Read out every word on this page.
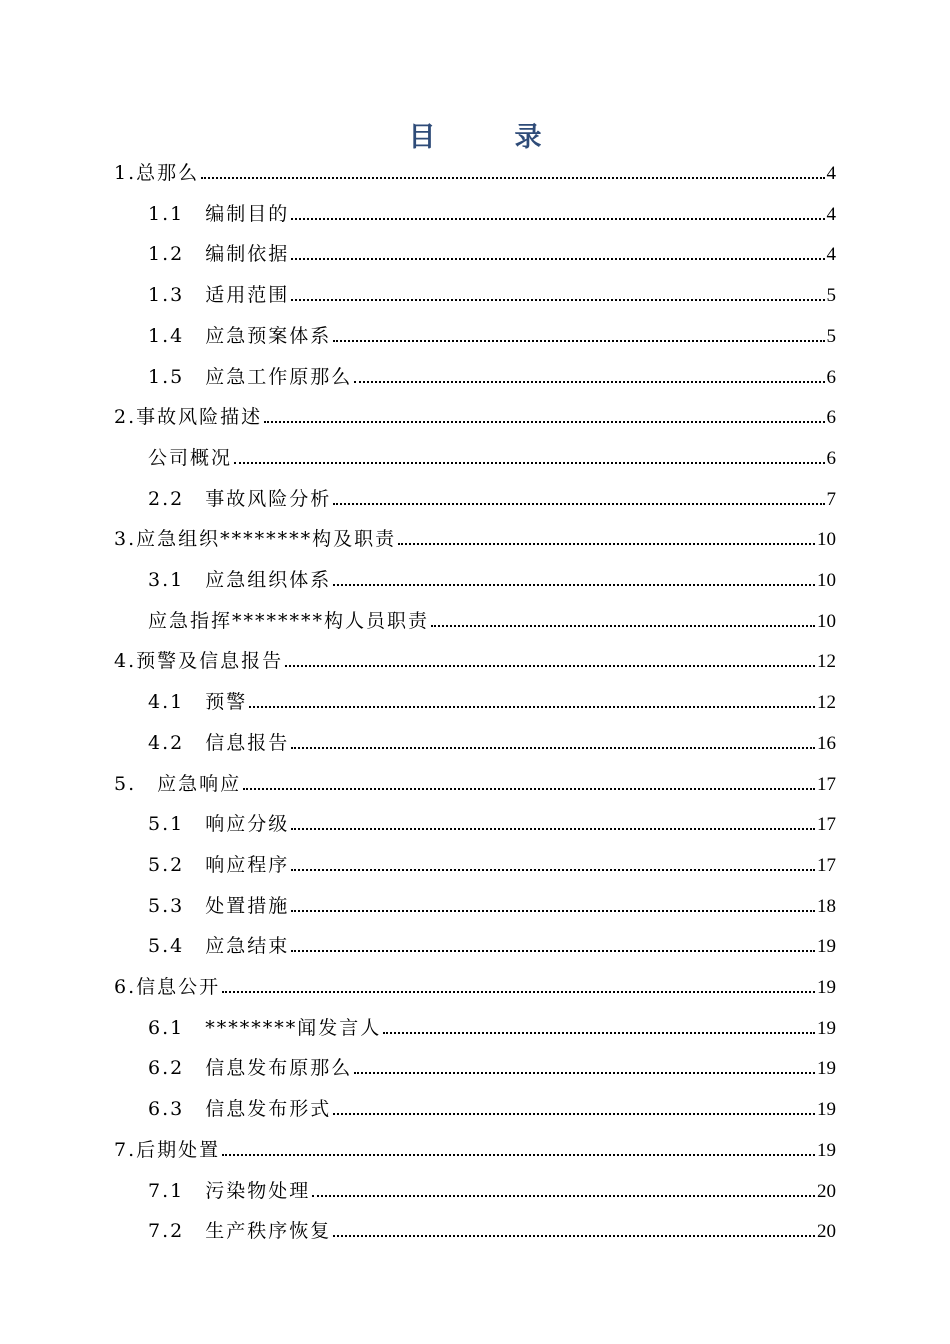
目　录
1.总那么	4
1.1　编制目的	4
1.2　编制依据	4
1.3　适用范围	5
1.4　应急预案体系	5
1.5　应急工作原那么	6
2.事故风险描述	6
公司概况	6
2.2　事故风险分析	7
3.应急组织********构及职责	10
3.1　应急组织体系	10
应急指挥********构人员职责	10
4.预警及信息报告	12
4.1　预警	12
4.2　信息报告	16
5.　应急响应	17
5.1　响应分级	17
5.2　响应程序	17
5.3　处置措施	18
5.4　应急结束	19
6.信息公开	19
6.1　********闻发言人	19
6.2　信息发布原那么	19
6.3　信息发布形式	19
7.后期处置	19
7.1　污染物处理	20
7.2　生产秩序恢复	20
